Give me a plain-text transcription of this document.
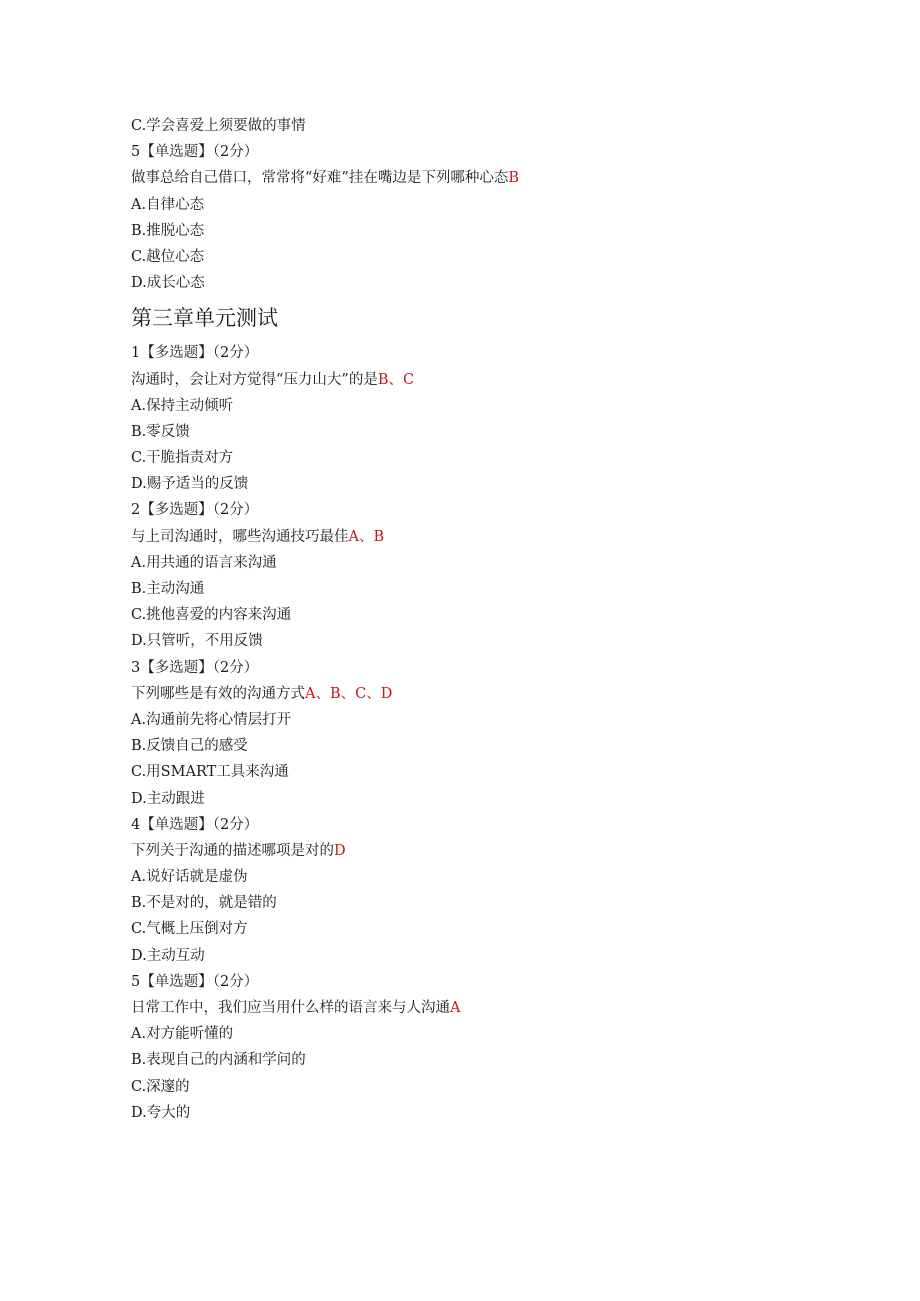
C.学会喜爱上须要做的事情
5【单选题】（2分）
做事总给自己借口，常常将“好难”挂在嘴边是下列哪种心态B
A.自律心态
B.推脱心态
C.越位心态
D.成长心态
第三章单元测试
1【多选题】（2分）
沟通时，会让对方觉得“压力山大”的是B、C
A.保持主动倾听
B.零反馈
C.干脆指责对方
D.赐予适当的反馈
2【多选题】（2分）
与上司沟通时，哪些沟通技巧最佳A、B
A.用共通的语言来沟通
B.主动沟通
C.挑他喜爱的内容来沟通
D.只管听，不用反馈
3【多选题】（2分）
下列哪些是有效的沟通方式A、B、C、D
A.沟通前先将心情层打开
B.反馈自己的感受
C.用SMART工具来沟通
D.主动跟进
4【单选题】（2分）
下列关于沟通的描述哪项是对的D
A.说好话就是虚伪
B.不是对的，就是错的
C.气概上压倒对方
D.主动互动
5【单选题】（2分）
日常工作中，我们应当用什么样的语言来与人沟通A
A.对方能听懂的
B.表现自己的内涵和学问的
C.深邃的
D.夸大的
